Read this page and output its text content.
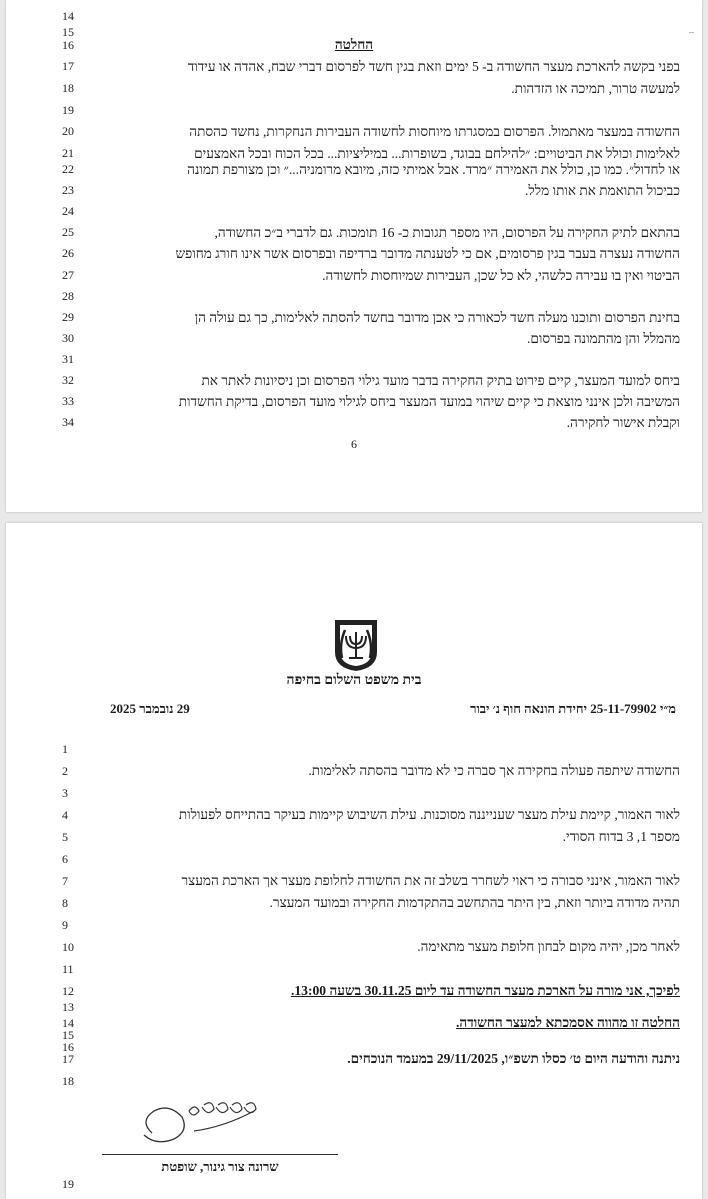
_
14
15
16
17
18
19
20
21
22
23
24
25
26
27
28
29
30
31
32
33
34
החלטה
בפני בקשה להארכת מעצר החשודה ב- 5 ימים וזאת בגין חשד לפרסום דברי שבח, אהדה או עידוד
למעשה טרור, תמיכה או הזדהות.
החשודה במעצר מאתמול. הפרסום במסגרתו מיוחסות לחשודה העבירות הנחקרות, נחשד כהסתה
לאלימות וכולל את הביטויים: ״להילחם בבוגד, בשופרות... במיליציות... בכל הכוח ובכל האמצעים
או לחדול״. כמו כן, כולל את האמירה ״מרד. אבל אמיתי כזה, מיובא מרומניה...״ וכן מצורפת תמונה
כביכול התואמת את אותו מלל.
בהתאם לתיק החקירה על הפרסום, היו מספר תגובות כ- 16 תומכות. גם לדברי ב״כ החשודה,
החשודה נעצרה בעבר בגין פרסומים, אם כי לטענתה מדובר ברדיפה ובפרסום אשר אינו חורג מחופש
הביטוי ואין בו עבירה כלשהי, לא כל שכן, העבירות שמיוחסות לחשודה.
בחינת הפרסום ותוכנו מעלה חשד לכאורה כי אכן מדובר בחשד להסתה לאלימות, כך גם עולה הן
מהמלל והן מהתמונה בפרסום.
ביחס למועד המעצר, קיים פירוט בתיק החקירה בדבר מועד גילוי הפרסום וכן ניסיונות לאתר את
המשיבה ולכן אינני מוצאת כי קיים שיהוי במועד המעצר ביחס לגילוי מועד הפרסום, בדיקת החשדות
וקבלת אישור לחקירה.
6
בית משפט השלום בחיפה
מ״י 25-11-79902 יחידת הונאה חוף נ׳ יבור
29 נובמבר 2025
1
2
3
4
5
6
7
8
9
10
11
12
13
14
15
16
17
18
19
החשודה שיתפה פעולה בחקירה אך סברה כי לא מדובר בהסתה לאלימות.
לאור האמור, קיימת עילת מעצר שענייננה מסוכנות. עילת השיבוש קיימות בעיקר בהתייחס לפעולות
מספר 1, 3 בדוח הסודי.
לאור האמור, אינני סבורה כי ראוי לשחרר בשלב זה את החשודה לחלופת מעצר אך הארכת המעצר
תהיה מדודה ביותר וזאת, בין היתר בהתחשב בהתקדמות החקירה ובמועד המעצר.
לאחר מכן, יהיה מקום לבחון חלופת מעצר מתאימה.
לפיכך, אני מורה על הארכת מעצר החשודה עד ליום 30.11.25 בשעה 13:00.
החלטה זו מהווה אסמכתא למעצר החשודה.
ניתנה והודעה היום ט׳ כסלו תשפ״ו, 29/11/2025 במעמד הנוכחים.
שרונה צור גינור, שופטת
